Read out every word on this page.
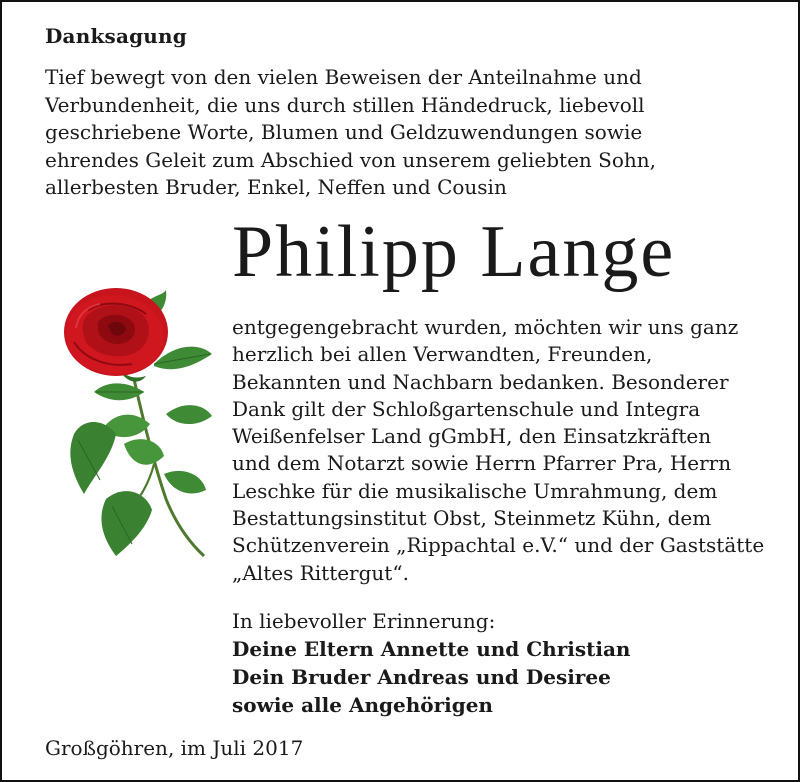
Danksagung
Tief bewegt von den vielen Beweisen der Anteilnahme und
Verbundenheit, die uns durch stillen Händedruck, liebevoll
geschriebene Worte, Blumen und Geldzuwendungen sowie
ehrendes Geleit zum Abschied von unserem geliebten Sohn,
allerbesten Bruder, Enkel, Neffen und Cousin
Philipp Lange
entgegengebracht wurden, möchten wir uns ganz
herzlich bei allen Verwandten, Freunden,
Bekannten und Nachbarn bedanken. Besonderer
Dank gilt der Schloßgartenschule und Integra
Weißenfelser Land gGmbH, den Einsatzkräften
und dem Notarzt sowie Herrn Pfarrer Pra, Herrn
Leschke für die musikalische Umrahmung, dem
Bestattungsinstitut Obst, Steinmetz Kühn, dem
Schützenverein „Rippachtal e.V.“ und der Gaststätte
„Altes Rittergut“.
In liebevoller Erinnerung:
Deine Eltern Annette und Christian
Dein Bruder Andreas und Desiree
sowie alle Angehörigen
Großgöhren, im Juli 2017
